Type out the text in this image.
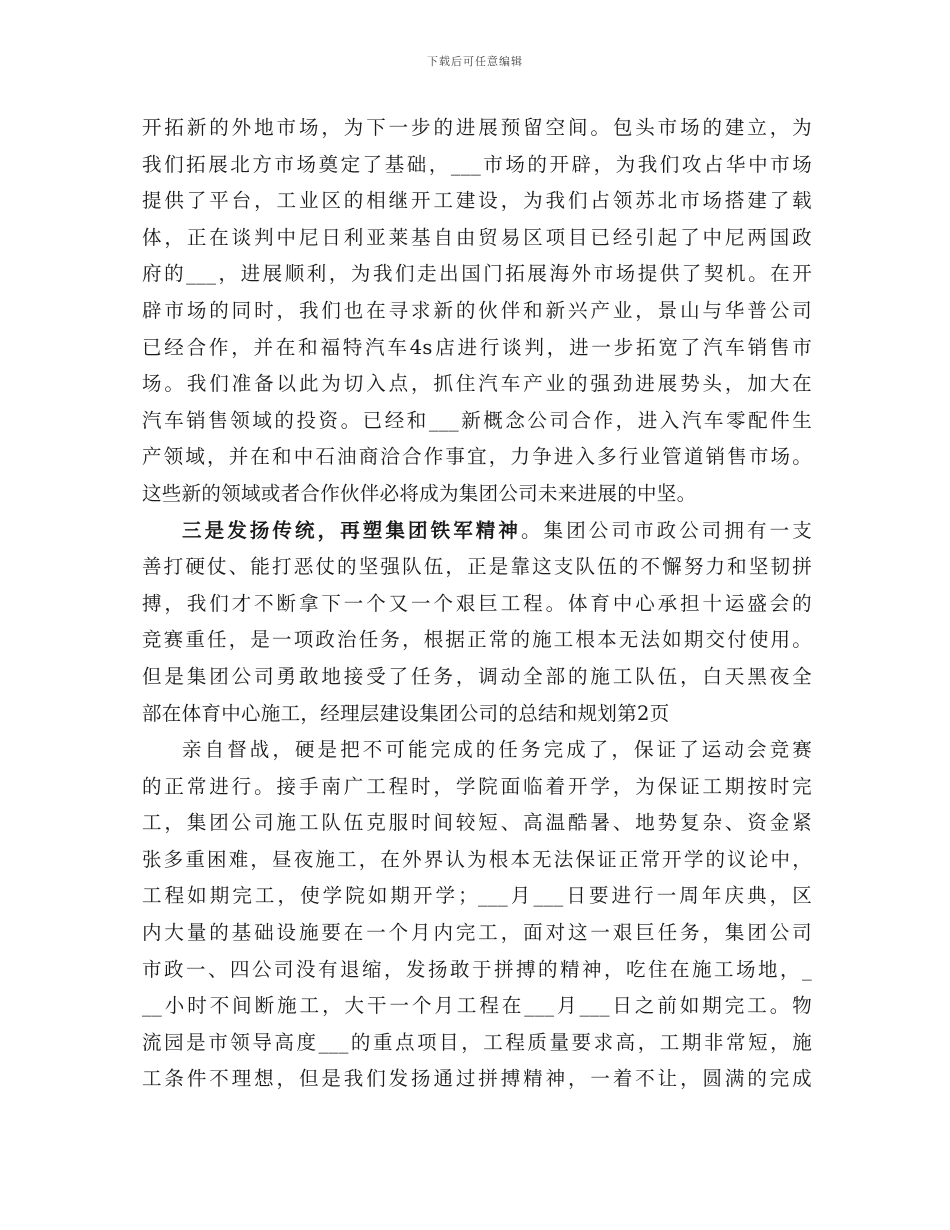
下载后可任意编辑
开拓新的外地市场，为下一步的进展预留空间。包头市场的建立，为
我们拓展北方市场奠定了基础，___市场的开辟，为我们攻占华中市场
提供了平台，工业区的相继开工建设，为我们占领苏北市场搭建了载
体，正在谈判中尼日利亚莱基自由贸易区项目已经引起了中尼两国政
府的___，进展顺利，为我们走出国门拓展海外市场提供了契机。在开
辟市场的同时，我们也在寻求新的伙伴和新兴产业，景山与华普公司
已经合作，并在和福特汽车4s店进行谈判，进一步拓宽了汽车销售市
场。我们准备以此为切入点，抓住汽车产业的强劲进展势头，加大在
汽车销售领域的投资。已经和___新概念公司合作，进入汽车零配件生
产领域，并在和中石油商洽合作事宜，力争进入多行业管道销售市场。
这些新的领域或者合作伙伴必将成为集团公司未来进展的中坚。
三是发扬传统，再塑集团铁军精神。集团公司市政公司拥有一支
善打硬仗、能打恶仗的坚强队伍，正是靠这支队伍的不懈努力和坚韧拼
搏，我们才不断拿下一个又一个艰巨工程。体育中心承担十运盛会的
竞赛重任，是一项政治任务，根据正常的施工根本无法如期交付使用。
但是集团公司勇敢地接受了任务，调动全部的施工队伍，白天黑夜全
部在体育中心施工，经理层建设集团公司的总结和规划第2页
亲自督战，硬是把不可能完成的任务完成了，保证了运动会竞赛
的正常进行。接手南广工程时，学院面临着开学，为保证工期按时完
工，集团公司施工队伍克服时间较短、高温酷暑、地势复杂、资金紧
张多重困难，昼夜施工，在外界认为根本无法保证正常开学的议论中，
工程如期完工，使学院如期开学；___月___日要进行一周年庆典，区
内大量的基础设施要在一个月内完工，面对这一艰巨任务，集团公司
市政一、四公司没有退缩，发扬敢于拼搏的精神，吃住在施工场地，_
__小时不间断施工，大干一个月工程在___月___日之前如期完工。物
流园是市领导高度___的重点项目，工程质量要求高，工期非常短，施
工条件不理想，但是我们发扬通过拼搏精神，一着不让，圆满的完成
